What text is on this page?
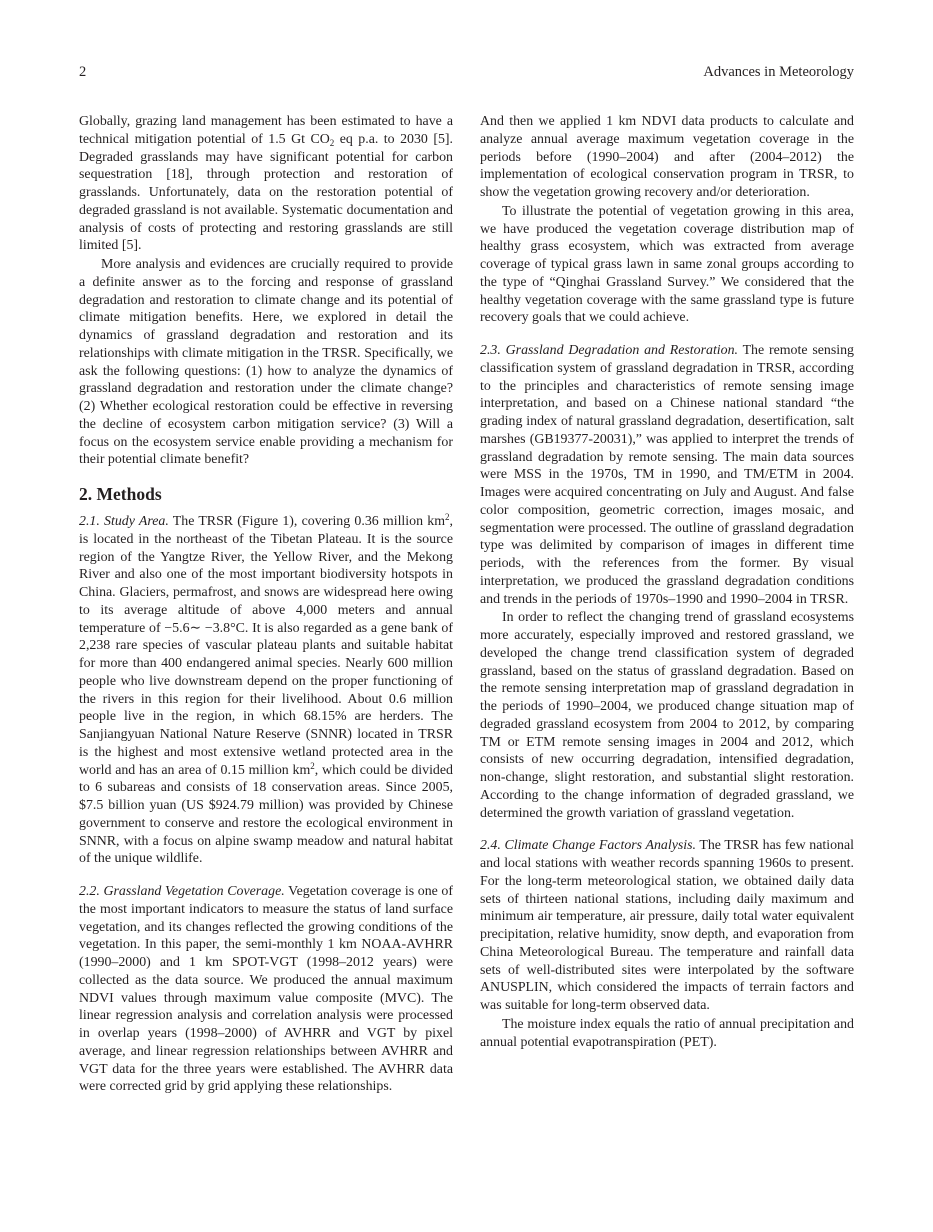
2	Advances in Meteorology

Globally, grazing land management has been estimated to have a technical mitigation potential of 1.5 Gt $CO_2$ eq p.a. to 2030 [5]. Degraded grasslands may have significant potential for carbon sequestration [18], through protection and restoration of grasslands. Unfortunately, data on the restoration potential of degraded grassland is not available. Systematic documentation and analysis of costs of protecting and restoring grasslands are still limited [5].

More analysis and evidences are crucially required to provide a definite answer as to the forcing and response of grassland degradation and restoration to climate change and its potential of climate mitigation benefits. Here, we explored in detail the dynamics of grassland degradation and restoration and its relationships with climate mitigation in the TRSR. Specifically, we ask the following questions: (1) how to analyze the dynamics of grassland degradation and restoration under the climate change? (2) Whether ecological restoration could be effective in reversing the decline of ecosystem carbon mitigation service? (3) Will a focus on the ecosystem service enable providing a mechanism for their potential climate benefit?

2. Methods

2.1. Study Area. The TRSR (Figure 1), covering 0.36 million $km^2$, is located in the northeast of the Tibetan Plateau. It is the source region of the Yangtze River, the Yellow River, and the Mekong River and also one of the most important biodiversity hotspots in China. Glaciers, permafrost, and snows are widespread here owing to its average altitude of above 4,000 meters and annual temperature of −5.6∼ −3.8°C. It is also regarded as a gene bank of 2,238 rare species of vascular plateau plants and suitable habitat for more than 400 endangered animal species. Nearly 600 million people who live downstream depend on the proper functioning of the rivers in this region for their livelihood. About 0.6 million people live in the region, in which 68.15% are herders. The Sanjiangyuan National Nature Reserve (SNNR) located in TRSR is the highest and most extensive wetland protected area in the world and has an area of 0.15 million $km^2$, which could be divided to 6 subareas and consists of 18 conservation areas. Since 2005, $7.5 billion yuan (US $924.79 million) was provided by Chinese government to conserve and restore the ecological environment in SNNR, with a focus on alpine swamp meadow and natural habitat of the unique wildlife.

2.2. Grassland Vegetation Coverage. Vegetation coverage is one of the most important indicators to measure the status of land surface vegetation, and its changes reflected the growing conditions of the vegetation. In this paper, the semi-monthly 1 km NOAA-AVHRR (1990–2000) and 1 km SPOT-VGT (1998–2012 years) were collected as the data source. We produced the annual maximum NDVI values through maximum value composite (MVC). The linear regression analysis and correlation analysis were processed in overlap years (1998–2000) of AVHRR and VGT by pixel average, and linear regression relationships between AVHRR and VGT data for the three years were established. The AVHRR data were corrected grid by grid applying these relationships.

And then we applied 1 km NDVI data products to calculate and analyze annual average maximum vegetation coverage in the periods before (1990–2004) and after (2004–2012) the implementation of ecological conservation program in TRSR, to show the vegetation growing recovery and/or deterioration.

To illustrate the potential of vegetation growing in this area, we have produced the vegetation coverage distribution map of healthy grass ecosystem, which was extracted from average coverage of typical grass lawn in same zonal groups according to the type of “Qinghai Grassland Survey.” We considered that the healthy vegetation coverage with the same grassland type is future recovery goals that we could achieve.

2.3. Grassland Degradation and Restoration. The remote sensing classification system of grassland degradation in TRSR, according to the principles and characteristics of remote sensing image interpretation, and based on a Chinese national standard “the grading index of natural grassland degradation, desertification, salt marshes (GB19377-20031),” was applied to interpret the trends of grassland degradation by remote sensing. The main data sources were MSS in the 1970s, TM in 1990, and TM/ETM in 2004. Images were acquired concentrating on July and August. And false color composition, geometric correction, images mosaic, and segmentation were processed. The outline of grassland degradation type was delimited by comparison of images in different time periods, with the references from the former. By visual interpretation, we produced the grassland degradation conditions and trends in the periods of 1970s–1990 and 1990–2004 in TRSR.

In order to reflect the changing trend of grassland ecosystems more accurately, especially improved and restored grassland, we developed the change trend classification system of degraded grassland, based on the status of grassland degradation. Based on the remote sensing interpretation map of grassland degradation in the periods of 1990–2004, we produced change situation map of degraded grassland ecosystem from 2004 to 2012, by comparing TM or ETM remote sensing images in 2004 and 2012, which consists of new occurring degradation, intensified degradation, non-change, slight restoration, and substantial slight restoration. According to the change information of degraded grassland, we determined the growth variation of grassland vegetation.

2.4. Climate Change Factors Analysis. The TRSR has few national and local stations with weather records spanning 1960s to present. For the long-term meteorological station, we obtained daily data sets of thirteen national stations, including daily maximum and minimum air temperature, air pressure, daily total water equivalent precipitation, relative humidity, snow depth, and evaporation from China Meteorological Bureau. The temperature and rainfall data sets of well-distributed sites were interpolated by the software ANUSPLIN, which considered the impacts of terrain factors and was suitable for long-term observed data.

The moisture index equals the ratio of annual precipitation and annual potential evapotranspiration (PET).
